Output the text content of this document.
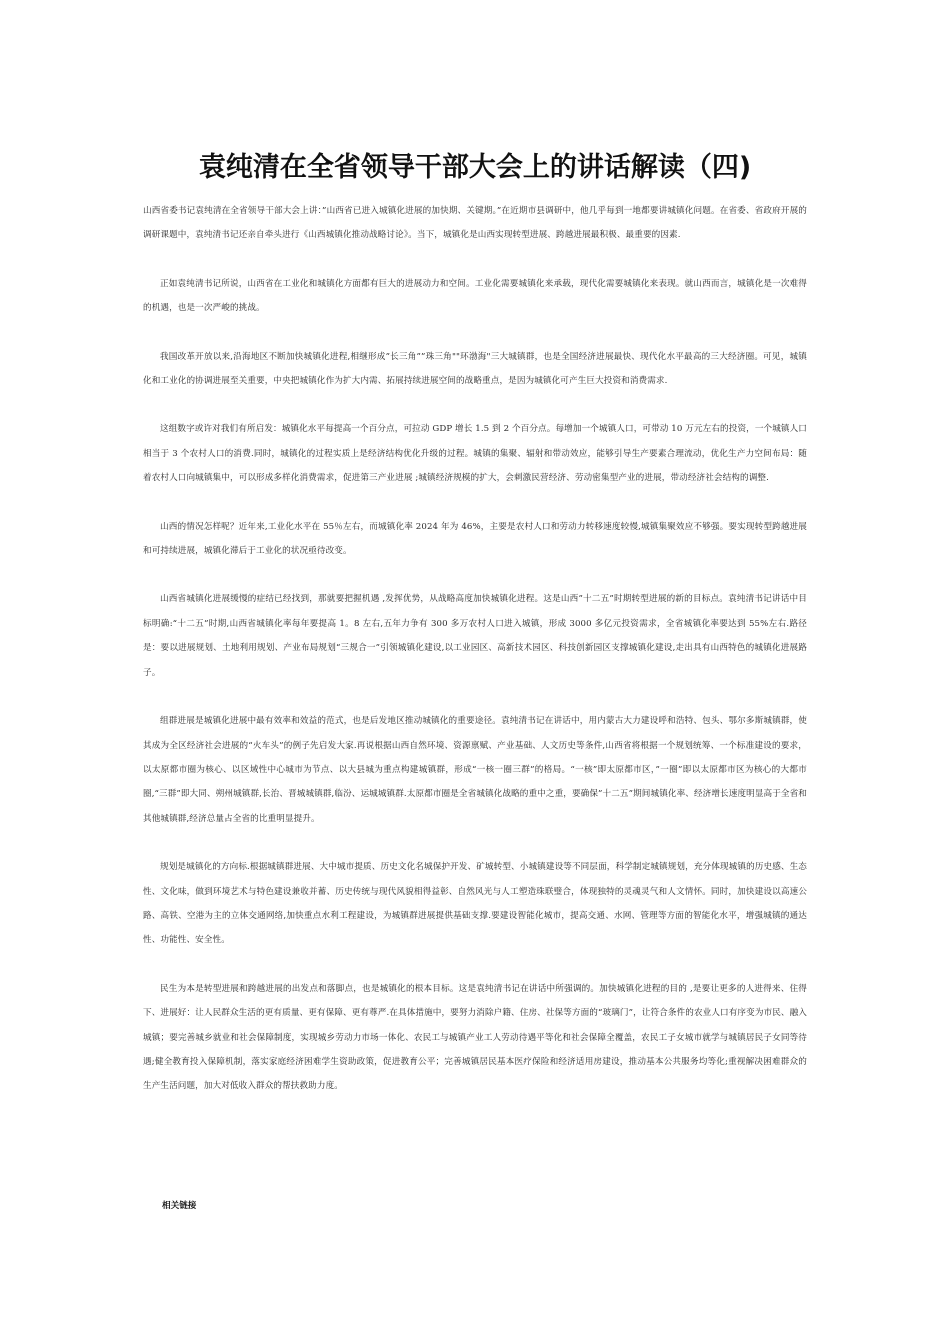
袁纯清在全省领导干部大会上的讲话解读（四)

山西省委书记袁纯清在全省领导干部大会上讲：”山西省已进入城镇化进展的加快期、关键期。”在近期市县调研中，他几乎每到一地都要讲城镇化问题。在省委、省政府开展的调研课题中，袁纯清书记还亲自牵头进行《山西城镇化推动战略讨论》。当下，城镇化是山西实现转型进展、跨越进展最积极、最重要的因素.

正如袁纯清书记所说，山西省在工业化和城镇化方面都有巨大的进展动力和空间。工业化需要城镇化来承载，现代化需要城镇化来表现。就山西而言，城镇化是一次难得的机遇，也是一次严峻的挑战。

我国改革开放以来,沿海地区不断加快城镇化进程,相继形成”长三角””珠三角""环渤海"三大城镇群，也是全国经济进展最快、现代化水平最高的三大经济圈。可见，城镇化和工业化的协调进展至关重要，中央把城镇化作为扩大内需、拓展持续进展空间的战略重点，是因为城镇化可产生巨大投资和消费需求.

这组数字或许对我们有所启发：城镇化水平每提高一个百分点，可拉动 GDP 增长 1.5 到 2 个百分点。每增加一个城镇人口，可带动 10 万元左右的投资，一个城镇人口相当于 3 个农村人口的消费.同时，城镇化的过程实质上是经济结构优化升级的过程。城镇的集聚、辐射和带动效应，能够引导生产要素合理流动，优化生产力空间布局：随着农村人口向城镇集中，可以形成多样化消费需求，促进第三产业进展 ;城镇经济规模的扩大，会刺激民营经济、劳动密集型产业的进展，带动经济社会结构的调整.

山西的情况怎样呢？近年来,工业化水平在 55％左右，而城镇化率 2024 年为 46%，主要是农村人口和劳动力转移速度较慢,城镇集聚效应不够强。要实现转型跨越进展和可持续进展，城镇化滞后于工业化的状况亟待改变。

山西省城镇化进展缓慢的症结已经找到，那就要把握机遇 ,发挥优势，从战略高度加快城镇化进程。这是山西”十二五”时期转型进展的新的目标点。袁纯清书记讲话中目标明确:“十二五”时期,山西省城镇化率每年要提高 1。8 左右,五年力争有 300 多万农村人口进入城镇，形成 3000 多亿元投资需求，全省城镇化率要达到 55%左右.路径是：要以进展规划、土地利用规划、产业布局规划“三规合一”引领城镇化建设,以工业园区、高新技术园区、科技创新园区支撑城镇化建设,走出具有山西特色的城镇化进展路子。

组群进展是城镇化进展中最有效率和效益的范式，也是后发地区推动城镇化的重要途径。袁纯清书记在讲话中，用内蒙古大力建设呼和浩特、包头、鄂尔多斯城镇群，使其成为全区经济社会进展的“火车头”的例子先启发大家.再说根据山西自然环境、资源禀赋、产业基础、人文历史等条件,山西省将根据一个规划统筹、一个标准建设的要求，以太原都市圈为核心、以区域性中心城市为节点、以大县城为重点构建城镇群，形成“一核一圈三群”的格局。“一核”即太原都市区，”一圈”即以太原都市区为核心的大都市圈,“三群”即大同、朔州城镇群,长治、晋城城镇群,临汾、运城城镇群.太原都市圈是全省城镇化战略的重中之重，要确保”十二五”期间城镇化率、经济增长速度明显高于全省和其他城镇群,经济总量占全省的比重明显提升。

规划是城镇化的方向标.根据城镇群进展、大中城市提质、历史文化名城保护开发、矿城转型、小城镇建设等不同层面，科学制定城镇规划，充分体现城镇的历史感、生态性、文化味，做到环境艺术与特色建设兼收并蓄、历史传统与现代风貌相得益彰、自然风光与人工塑造珠联璧合，体现独特的灵魂灵气和人文情怀。同时，加快建设以高速公路、高铁、空港为主的立体交通网络,加快重点水利工程建设，为城镇群进展提供基础支撑.要建设智能化城市，提高交通、水网、管理等方面的智能化水平，增强城镇的通达性、功能性、安全性。

民生为本是转型进展和跨越进展的出发点和落脚点，也是城镇化的根本目标。这是袁纯清书记在讲话中所强调的。加快城镇化进程的目的 ,是要让更多的人进得来、住得下、进展好：让人民群众生活的更有质量、更有保障、更有尊严.在具体措施中，要努力消除户籍、住房、社保等方面的“玻璃门”，让符合条件的农业人口有序变为市民、融入城镇；要完善城乡就业和社会保障制度，实现城乡劳动力市场一体化、农民工与城镇产业工人劳动待遇平等化和社会保障全覆盖，农民工子女城市就学与城镇居民子女同等待遇;健全教育投入保障机制，落实家庭经济困难学生资助政策，促进教育公平；完善城镇居民基本医疗保险和经济适用房建设，推动基本公共服务均等化;重视解决困难群众的生产生活问题，加大对低收入群众的帮扶救助力度。

相关链接
